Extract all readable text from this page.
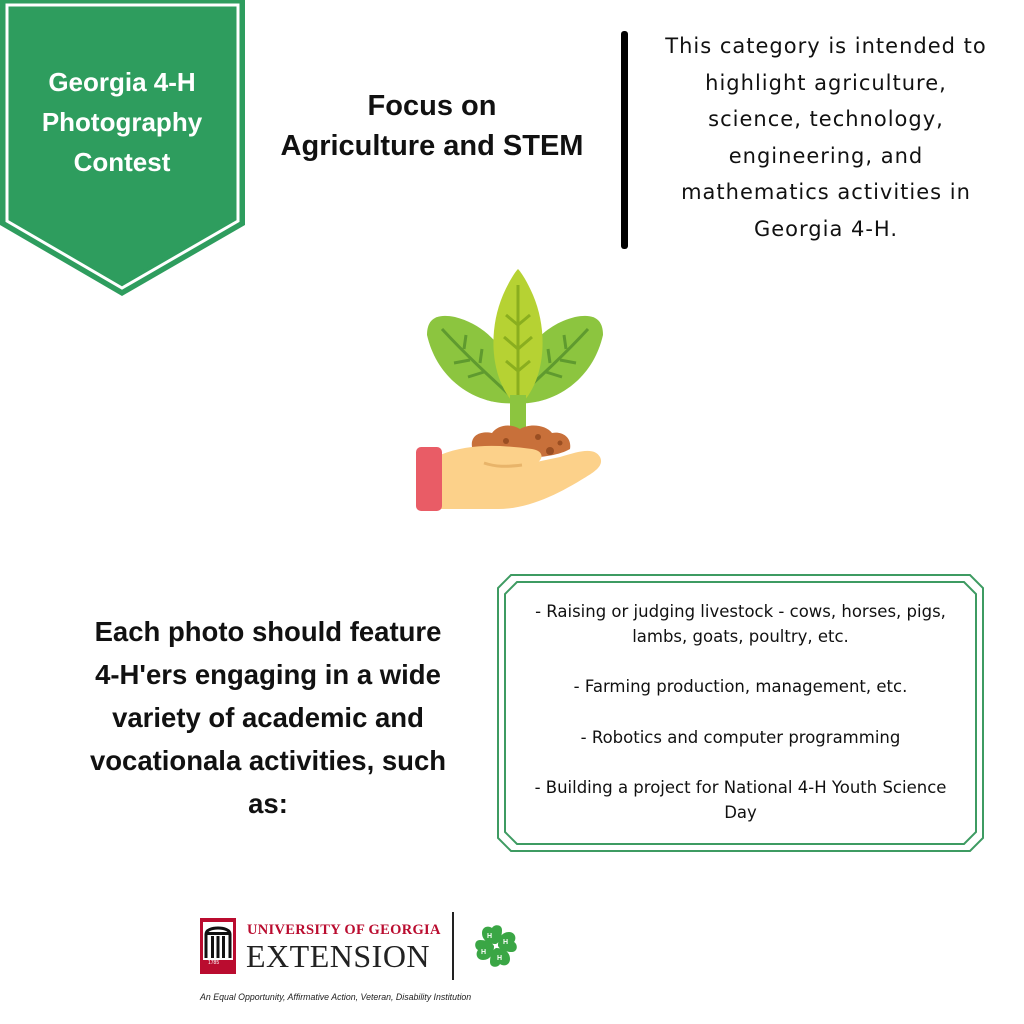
Georgia 4-H
Photography
Contest
Focus on
Agriculture and STEM
This category is intended to
highlight agriculture,
science, technology,
engineering, and
mathematics activities in
Georgia 4-H.
Each photo should feature
4-H'ers engaging in a wide
variety of academic and
vocationala activities, such
as:

- Raising or judging livestock - cows, horses, pigs, lambs, goats, poultry, etc.

- Farming production, management, etc.

- Robotics and computer programming

- Building a project for National 4-H Youth Science Day

1785
UNIVERSITY OF GEORGIA
EXTENSION
H
H
H
H
An Equal Opportunity, Affirmative Action, Veteran, Disability Institution
